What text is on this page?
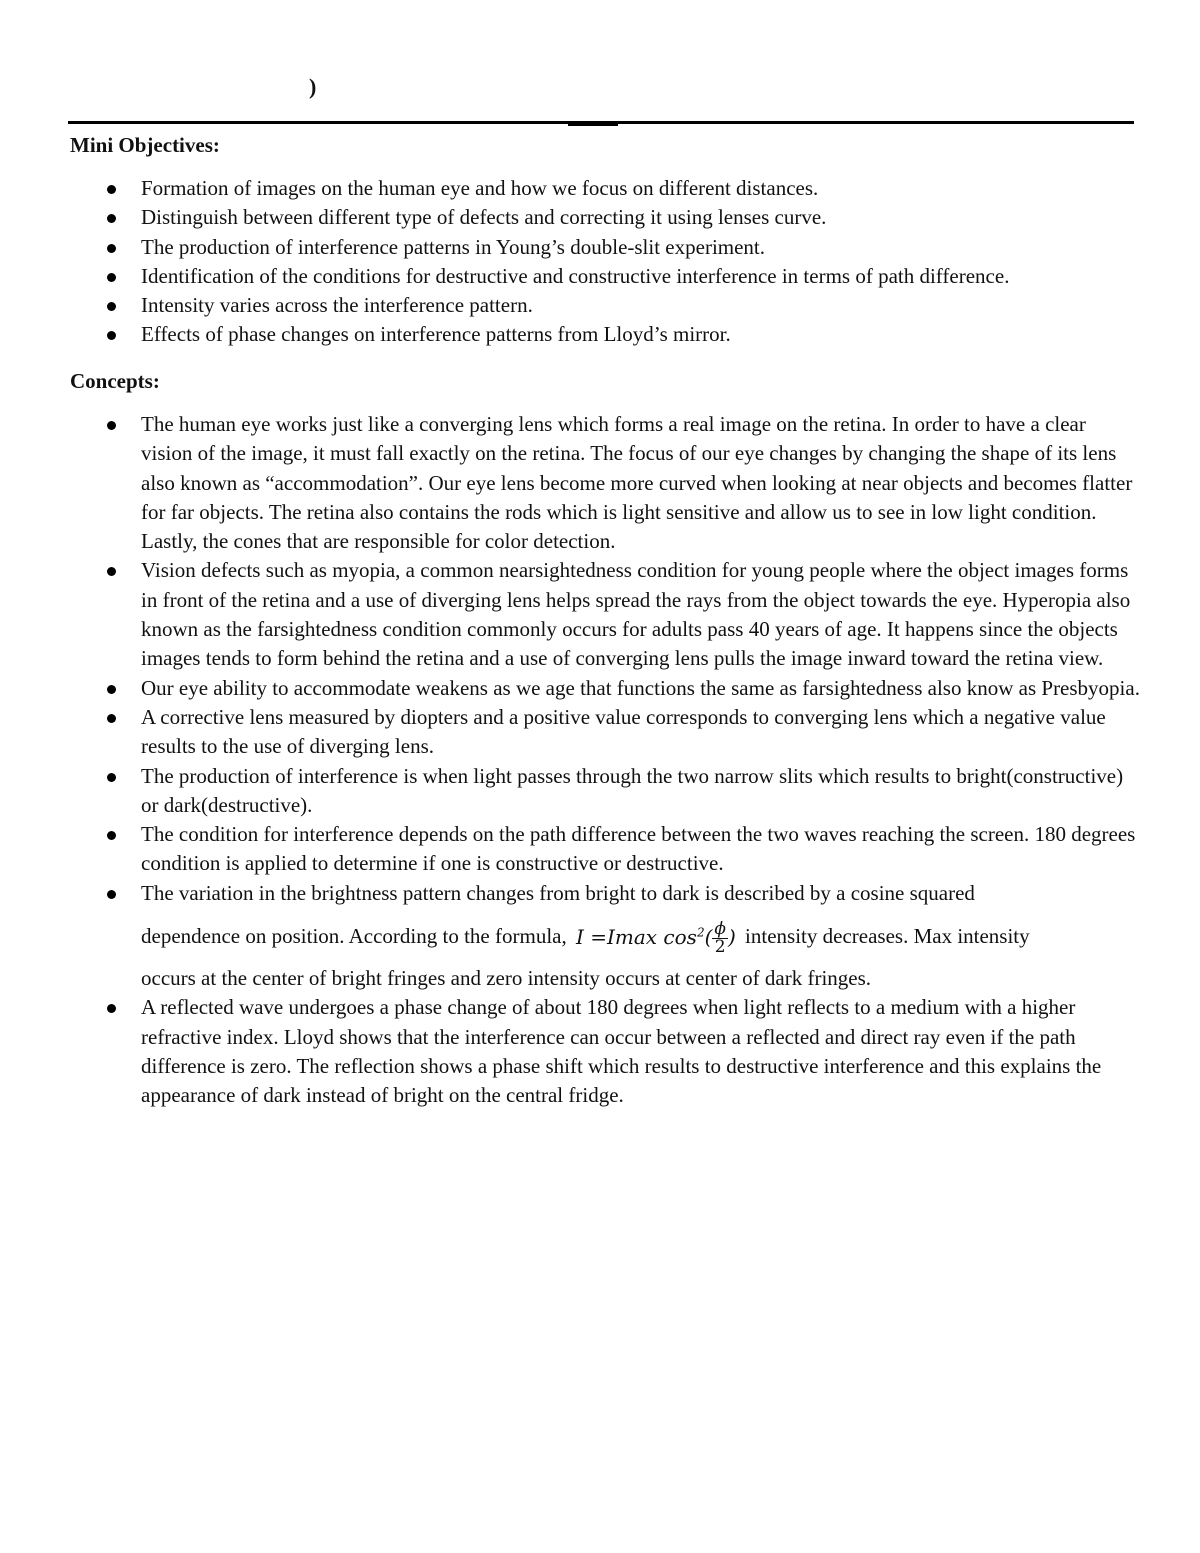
)
Mini Objectives:
Formation of images on the human eye and how we focus on different distances.
Distinguish between different type of defects and correcting it using lenses curve.
The production of interference patterns in Young’s double-slit experiment.
Identification of the conditions for destructive and constructive interference in terms of path difference.
Intensity varies across the interference pattern.
Effects of phase changes on interference patterns from Lloyd’s mirror.
Concepts:
The human eye works just like a converging lens which forms a real image on the retina. In order to have a clear vision of the image, it must fall exactly on the retina. The focus of our eye changes by changing the shape of its lens also known as “accommodation”. Our eye lens become more curved when looking at near objects and becomes flatter for far objects. The retina also contains the rods which is light sensitive and allow us to see in low light condition. Lastly, the cones that are responsible for color detection.
Vision defects such as myopia, a common nearsightedness condition for young people where the object images forms in front of the retina and a use of diverging lens helps spread the rays from the object towards the eye. Hyperopia also known as the farsightedness condition commonly occurs for adults pass 40 years of age. It happens since the objects images tends to form behind the retina and a use of converging lens pulls the image inward toward the retina view.
Our eye ability to accommodate weakens as we age that functions the same as farsightedness also know as Presbyopia.
A corrective lens measured by diopters and a positive value corresponds to converging lens which a negative value results to the use of diverging lens.
The production of interference is when light passes through the two narrow slits which results to bright(constructive) or dark(destructive).
The condition for interference depends on the path difference between the two waves reaching the screen. 180 degrees condition is applied to determine if one is constructive or destructive.
The variation in the brightness pattern changes from bright to dark is described by a cosine squared
dependence on position. According to the formula, I =Imax $\cos^2( \frac{\phi}{2}$ ) intensity decreases. Max intensity
occurs at the center of bright fringes and zero intensity occurs at center of dark fringes.
A reflected wave undergoes a phase change of about 180 degrees when light reflects to a medium with a higher refractive index. Lloyd shows that the interference can occur between a reflected and direct ray even if the path difference is zero. The reflection shows a phase shift which results to destructive interference and this explains the appearance of dark instead of bright on the central fridge.
